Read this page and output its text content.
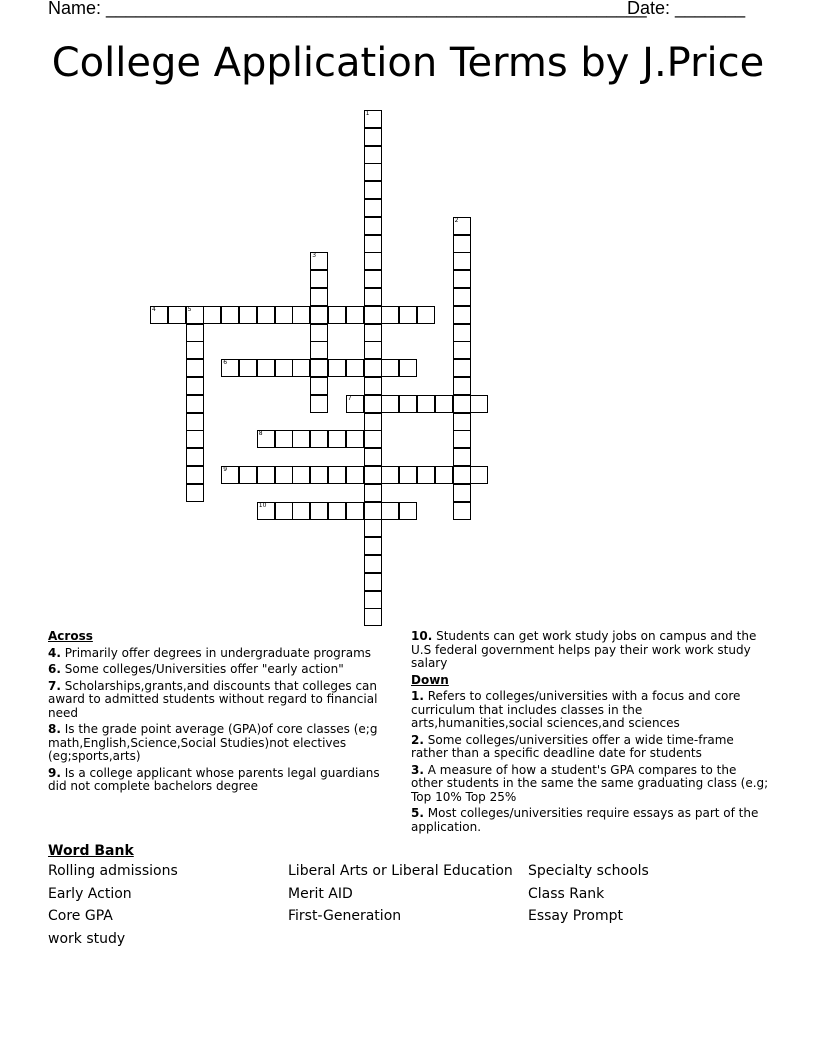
Name: ______________________________________________________
Date: _______
College Application Terms by J.Price
1
2
3
4	5
6
7
8
9
10
Across
4. Primarily offer degrees in undergraduate programs
6. Some colleges/Universities offer "early action"
7. Scholarships,grants,and discounts that colleges can award to admitted students without regard to financial need
8. Is the grade point average (GPA)of core classes (e;g math,English,Science,Social Studies)not electives (eg;sports,arts)
9. Is a college applicant whose parents legal guardians did not complete bachelors degree
10. Students can get work study jobs on campus and the U.S federal government helps pay their work work study salary
Down
1. Refers to colleges/universities with a focus and core curriculum that includes classes in the arts,humanities,social sciences,and sciences
2. Some colleges/universities offer a wide time-frame rather than a specific deadline date for students
3. A measure of how a student's GPA compares to the other students in the same the same graduating class (e.g; Top 10% Top 25%
5. Most colleges/universities require essays as part of the application.
Word Bank
Rolling admissions	Liberal Arts or Liberal Education	Specialty schools
Early Action	Merit AID	Class Rank
Core GPA	First-Generation	Essay Prompt
work study
